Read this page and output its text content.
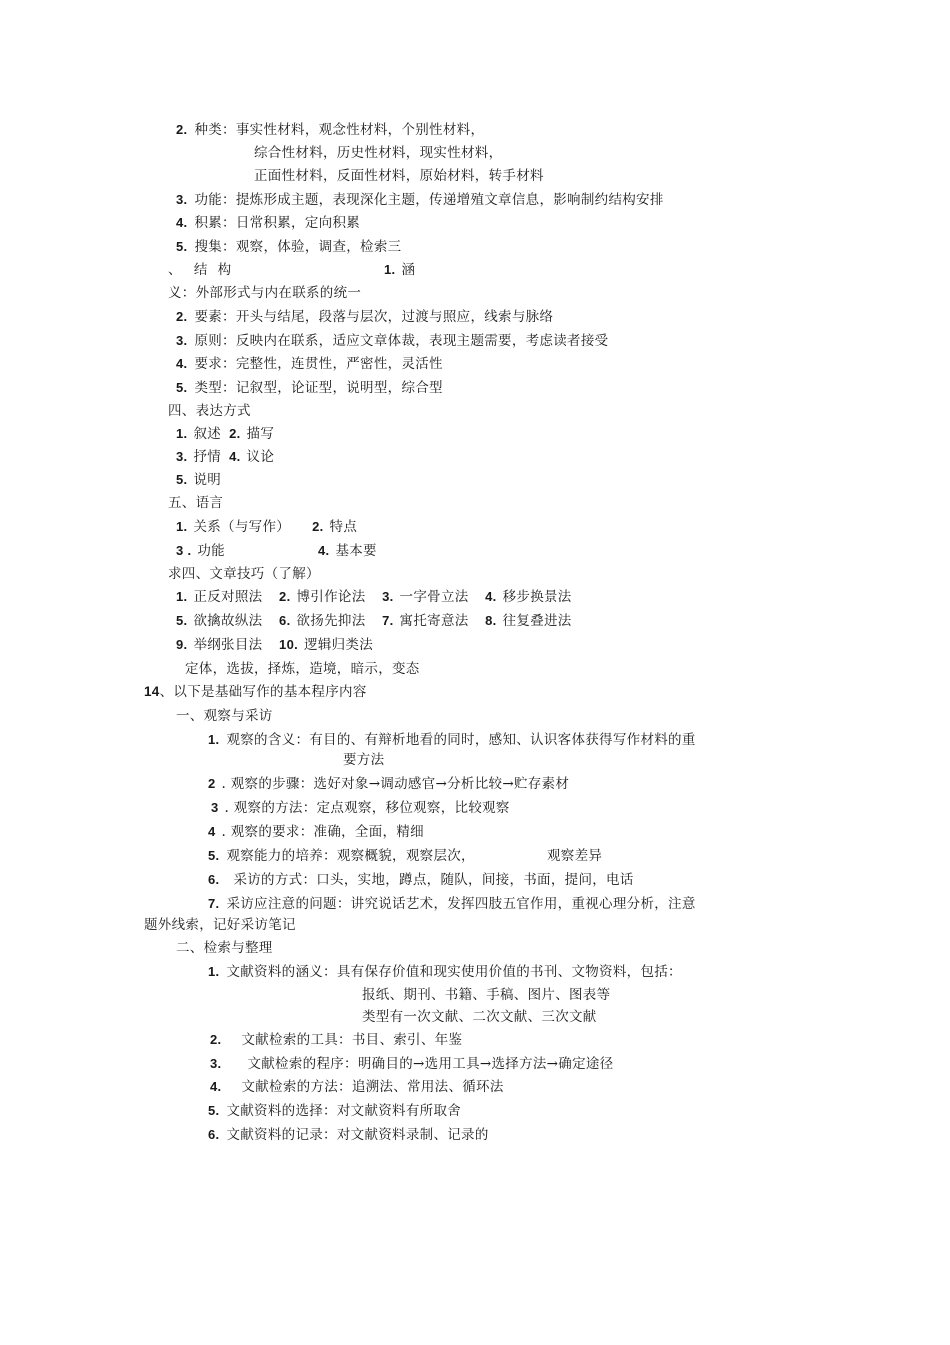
2. 种类：事实性材料，观念性材料，个别性材料，
综合性材料，历史性材料，现实性材料，
正面性材料，反面性材料，原始材料，转手材料
3. 功能：提炼形成主题，表现深化主题，传递增殖文章信息，影响制约结构安排
4. 积累：日常积累，定向积累
5. 搜集：观察，体验，调查，检索三
、 结 构	1. 涵
义：外部形式与内在联系的统一
2. 要素：开头与结尾，段落与层次，过渡与照应，线索与脉络
3. 原则：反映内在联系，适应文章体裁，表现主题需要，考虑读者接受
4. 要求：完整性，连贯性，严密性，灵活性
5. 类型：记叙型，论证型，说明型，综合型
四、表达方式
1. 叙述 2. 描写
3. 抒情 4. 议论
5. 说明
五、语言
1. 关系（与写作） 2. 特点
3 . 功能	4. 基本要
求四、文章技巧（了解）
1. 正反对照法 2. 博引作论法 3. 一字骨立法 4. 移步换景法
5. 欲擒故纵法 6. 欲扬先抑法 7. 寓托寄意法 8. 往复叠进法
9. 举纲张目法 10. 逻辑归类法
定体，选拔，择炼，造境，暗示，变态
14、以下是基础写作的基本程序内容
一、观察与采访
1. 观察的含义：有目的、有辩析地看的同时，感知、认识客体获得写作材料的重
要方法
2 . 观察的步骤：选好对象→调动感官→分析比较→贮存素材
3 . 观察的方法：定点观察，移位观察，比较观察
4 . 观察的要求：准确，全面，精细
5. 观察能力的培养：观察概貌，观察层次，	观察差异
6. 采访的方式：口头，实地，蹲点，随队，间接，书面，提问，电话
7. 采访应注意的问题：讲究说话艺术，发挥四肢五官作用，重视心理分析，注意
题外线索，记好采访笔记
二、检索与整理
1. 文献资料的涵义：具有保存价值和现实使用价值的书刊、文物资料，包括：
报纸、期刊、书籍、手稿、图片、图表等
类型有一次文献、二次文献、三次文献
2. 文献检索的工具：书目、索引、年鉴
3. 文献检索的程序：明确目的→选用工具→选择方法→确定途径
4. 文献检索的方法：追溯法、常用法、循环法
5. 文献资料的选择：对文献资料有所取舍
6. 文献资料的记录：对文献资料录制、记录的
